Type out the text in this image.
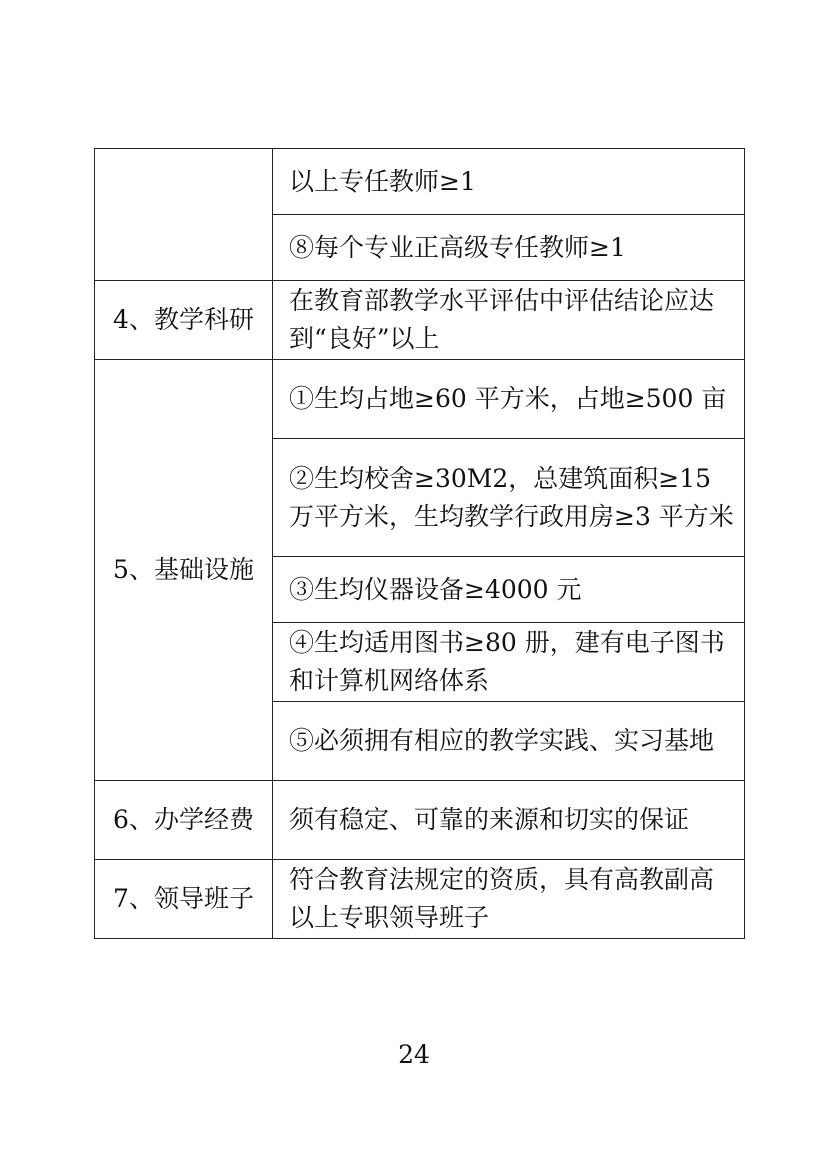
	以上专任教师≥1
	⑧每个专业正高级专任教师≥1
4、教学科研	在教育部教学水平评估中评估结论应达到“良好”以上
5、基础设施	①生均占地≥60 平方米，占地≥500 亩
	②生均校舍≥30M2，总建筑面积≥15 万平方米，生均教学行政用房≥3 平方米
	③生均仪器设备≥4000 元
	④生均适用图书≥80 册，建有电子图书和计算机网络体系
	⑤必须拥有相应的教学实践、实习基地
6、办学经费	须有稳定、可靠的来源和切实的保证
7、领导班子	符合教育法规定的资质，具有高教副高以上专职领导班子
24
